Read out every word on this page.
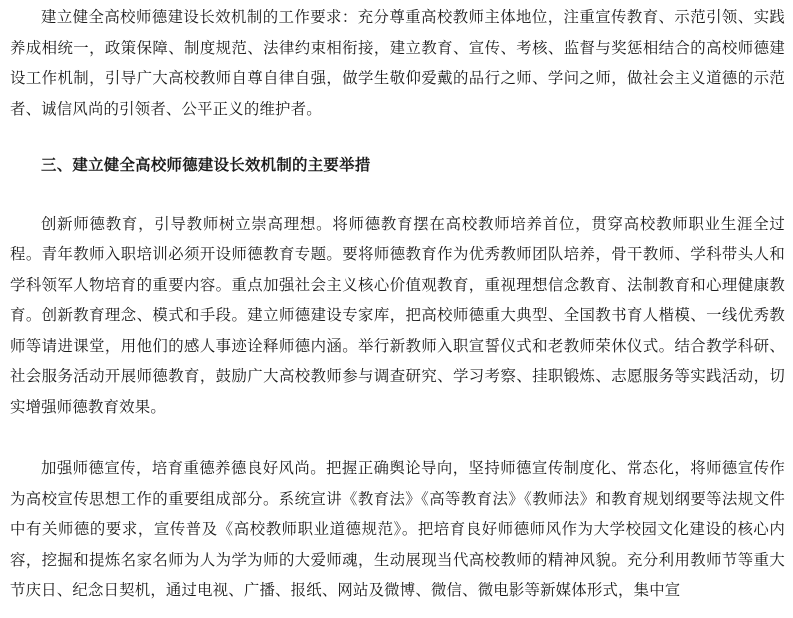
建立健全高校师德建设长效机制的工作要求：充分尊重高校教师主体地位，注重宣传教育、示范引领、实践养成相统一，政策保障、制度规范、法律约束相衔接，建立教育、宣传、考核、监督与奖惩相结合的高校师德建设工作机制，引导广大高校教师自尊自律自强，做学生敬仰爱戴的品行之师、学问之师，做社会主义道德的示范者、诚信风尚的引领者、公平正义的维护者。

三、建立健全高校师德建设长效机制的主要举措

创新师德教育，引导教师树立崇高理想。将师德教育摆在高校教师培养首位，贯穿高校教师职业生涯全过程。青年教师入职培训必须开设师德教育专题。要将师德教育作为优秀教师团队培养，骨干教师、学科带头人和学科领军人物培育的重要内容。重点加强社会主义核心价值观教育，重视理想信念教育、法制教育和心理健康教育。创新教育理念、模式和手段。建立师德建设专家库，把高校师德重大典型、全国教书育人楷模、一线优秀教师等请进课堂，用他们的感人事迹诠释师德内涵。举行新教师入职宣誓仪式和老教师荣休仪式。结合教学科研、社会服务活动开展师德教育，鼓励广大高校教师参与调查研究、学习考察、挂职锻炼、志愿服务等实践活动，切实增强师德教育效果。

加强师德宣传，培育重德养德良好风尚。把握正确舆论导向，坚持师德宣传制度化、常态化，将师德宣传作为高校宣传思想工作的重要组成部分。系统宣讲《教育法》《高等教育法》《教师法》和教育规划纲要等法规文件中有关师德的要求，宣传普及《高校教师职业道德规范》。把培育良好师德师风作为大学校园文化建设的核心内容，挖掘和提炼名家名师为人为学为师的大爱师魂，生动展现当代高校教师的精神风貌。充分利用教师节等重大节庆日、纪念日契机，通过电视、广播、报纸、网站及微博、微信、微电影等新媒体形式，集中宣
